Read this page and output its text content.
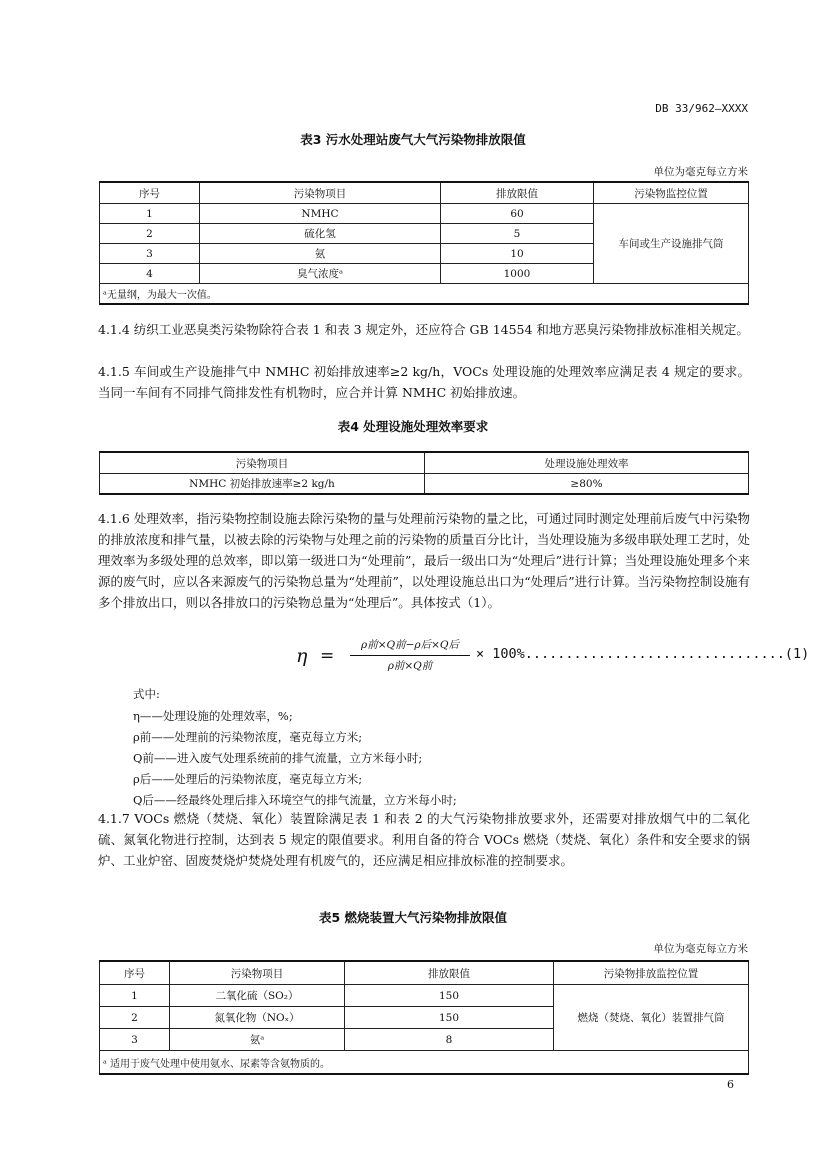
DB 33/962—XXXX
表3 污水处理站废气大气污染物排放限值
单位为毫克每立方米
序号	污染物项目	排放限值	污染物监控位置
1	NMHC	60	车间或生产设施排气筒
2	硫化氢	5	
3	氨	10	
4	臭气浓度ᵃ	1000	
ᵃ无量纲，为最大一次值。			
4.1.4 纺织工业恶臭类污染物除符合表 1 和表 3 规定外，还应符合 GB 14554 和地方恶臭污染物排放标准相关规定。
4.1.5 车间或生产设施排气中 NMHC 初始排放速率≥2 kg/h，VOCs 处理设施的处理效率应满足表 4 规定的要求。当同一车间有不同排气筒排发性有机物时，应合并计算 NMHC 初始排放速。
表4 处理设施处理效率要求
污染物项目	处理设施处理效率
NMHC 初始排放速率≥2 kg/h	≥80%
4.1.6 处理效率，指污染物控制设施去除污染物的量与处理前污染物的量之比，可通过同时测定处理前后废气中污染物的排放浓度和排气量，以被去除的污染物与处理之前的污染物的质量百分比计，当处理设施为多级串联处理工艺时，处理效率为多级处理的总效率，即以第一级进口为“处理前”，最后一级出口为“处理后”进行计算；当处理设施处理多个来源的废气时，应以各来源废气的污染物总量为“处理前”，以处理设施总出口为“处理后”进行计算。当污染物控制设施有多个排放出口，则以各排放口的污染物总量为“处理后”。具体按式（1）。
η =
ρ前×Q前−ρ后×Q后
ρ前×Q前
× 100%................................(1)
式中:
η——处理设施的处理效率，%;
ρ前——处理前的污染物浓度，毫克每立方米;
Q前——进入废气处理系统前的排气流量，立方米每小时;
ρ后——处理后的污染物浓度，毫克每立方米;
Q后——经最终处理后排入环境空气的排气流量，立方米每小时;
4.1.7 VOCs 燃烧（焚烧、氧化）装置除满足表 1 和表 2 的大气污染物排放要求外，还需要对排放烟气中的二氧化硫、氮氧化物进行控制，达到表 5 规定的限值要求。利用自备的符合 VOCs 燃烧（焚烧、氧化）条件和安全要求的锅炉、工业炉窑、固废焚烧炉焚烧处理有机废气的，还应满足相应排放标准的控制要求。
表5 燃烧装置大气污染物排放限值
单位为毫克每立方米
序号	污染物项目	排放限值	污染物排放监控位置
1	二氧化硫（SO₂）	150	燃烧（焚烧、氧化）装置排气筒
2	氮氧化物（NOₓ）	150	
3	氨ᵃ	8	
ᵃ 适用于废气处理中使用氨水、尿素等含氨物质的。			
6
